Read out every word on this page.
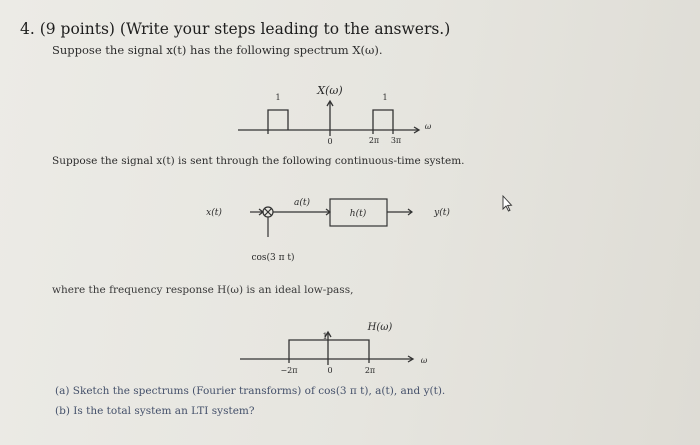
4. (9 points) (Write your steps leading to the answers.)
Suppose the signal x(t) has the following spectrum X(ω).
X(ω)
1	1
0	2π 3π
ω
Suppose the signal x(t) is sent through the following continuous-time system.
x(t)
a(t)
h(t)	y(t)
cos(3 π t)
where the frequency response H(ω) is an ideal low-pass,
H(ω)
1
−2π	0	2π
ω
(a) Sketch the spectrums (Fourier transforms) of cos(3 π t), a(t), and y(t).
(b) Is the total system an LTI system?
